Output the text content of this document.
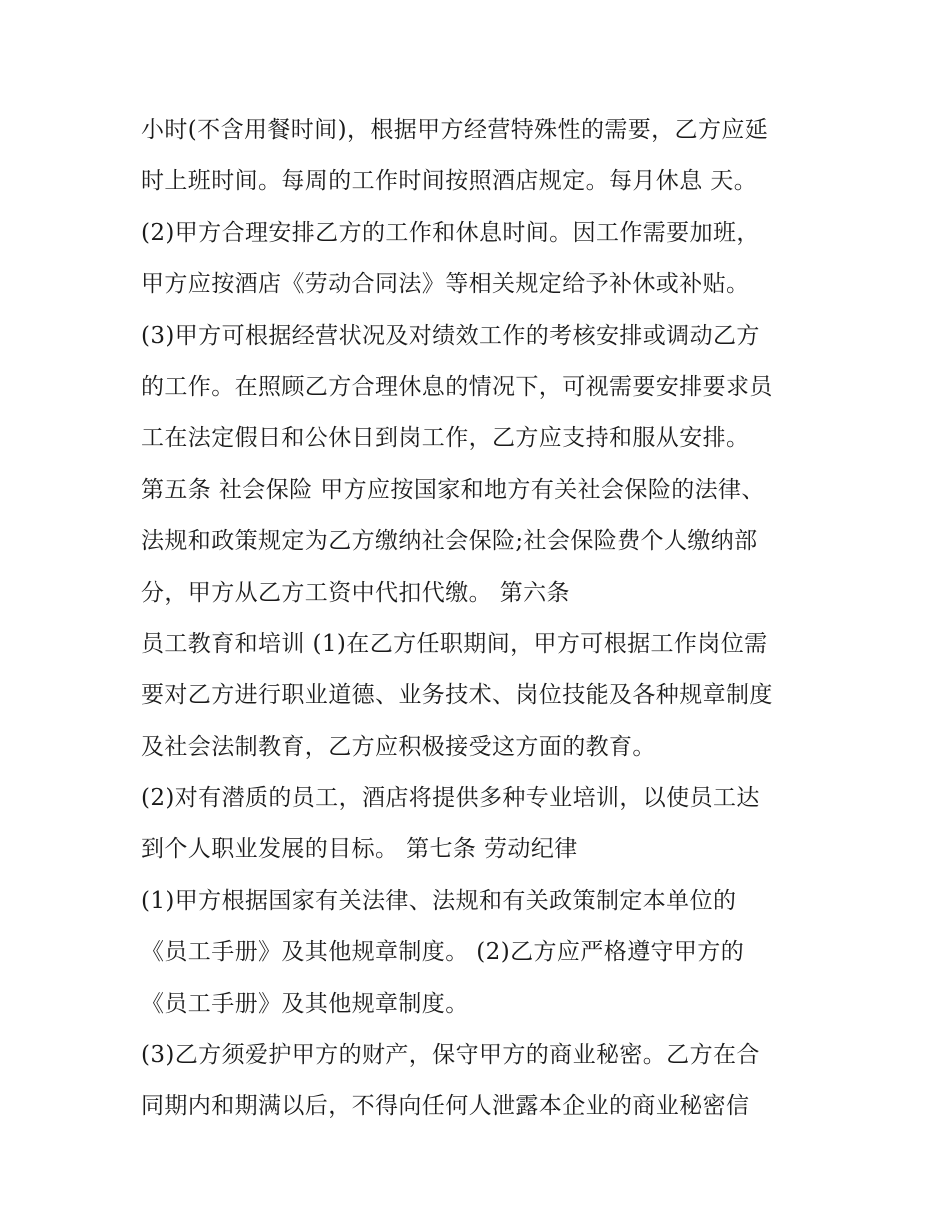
小时(不含用餐时间)，根据甲方经营特殊性的需要，乙方应延
时上班时间。每周的工作时间按照酒店规定。每月休息 天。
(2)甲方合理安排乙方的工作和休息时间。因工作需要加班，
甲方应按酒店《劳动合同法》等相关规定给予补休或补贴。
(3)甲方可根据经营状况及对绩效工作的考核安排或调动乙方
的工作。在照顾乙方合理休息的情况下，可视需要安排要求员
工在法定假日和公休日到岗工作，乙方应支持和服从安排。
第五条 社会保险 甲方应按国家和地方有关社会保险的法律、
法规和政策规定为乙方缴纳社会保险;社会保险费个人缴纳部
分，甲方从乙方工资中代扣代缴。 第六条
员工教育和培训 (1)在乙方任职期间，甲方可根据工作岗位需
要对乙方进行职业道德、业务技术、岗位技能及各种规章制度
及社会法制教育，乙方应积极接受这方面的教育。
(2)对有潜质的员工，酒店将提供多种专业培训，以使员工达
到个人职业发展的目标。 第七条 劳动纪律
(1)甲方根据国家有关法律、法规和有关政策制定本单位的
《员工手册》及其他规章制度。 (2)乙方应严格遵守甲方的
《员工手册》及其他规章制度。
(3)乙方须爱护甲方的财产，保守甲方的商业秘密。乙方在合
同期内和期满以后，不得向任何人泄露本企业的商业秘密信
